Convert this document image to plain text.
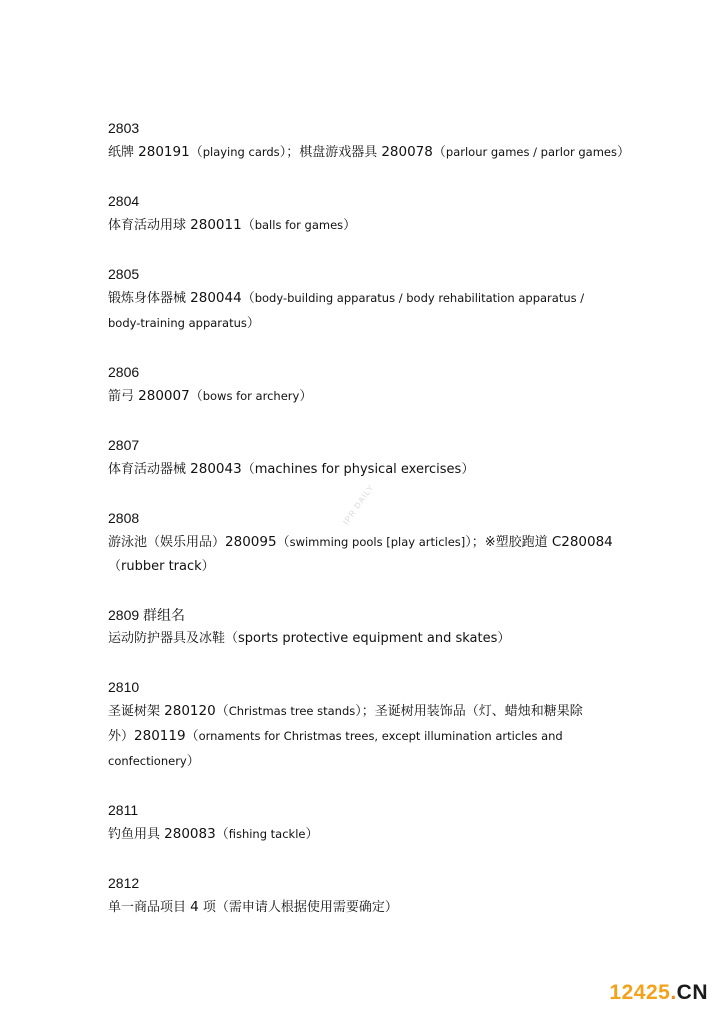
2803
纸牌 280191（playing cards）；棋盘游戏器具 280078（parlour games / parlor games）
2804
体育活动用球 280011（balls for games）
2805
锻炼身体器械 280044（body-building apparatus / body rehabilitation apparatus /
body-training apparatus）
2806
箭弓 280007（bows for archery）
2807
体育活动器械 280043（machines for physical exercises）
2808
游泳池（娱乐用品）280095（swimming pools [play articles]）；※塑胶跑道 C280084
（rubber track）
2809 群组名
运动防护器具及冰鞋（sports protective equipment and skates）
2810
圣诞树架 280120（Christmas tree stands）；圣诞树用装饰品（灯、蜡烛和糖果除
外）280119（ornaments for Christmas trees, except illumination articles and
confectionery）
2811
钓鱼用具 280083（fishing tackle）
2812
单一商品项目 4 项（需申请人根据使用需要确定）
IPR DAILY
12425.CN
